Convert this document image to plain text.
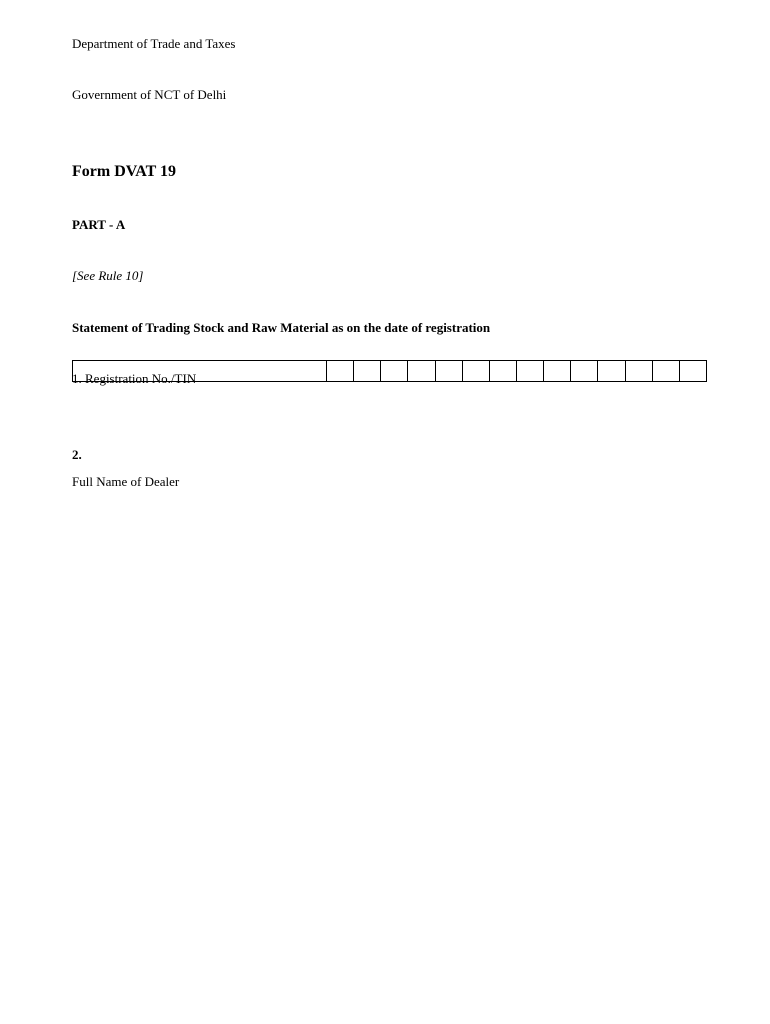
Department of Trade and Taxes

Government of NCT of Delhi

Form DVAT 19

PART - A

[See Rule 10]

Statement of Trading Stock and Raw Material as on the date of registration

1. Registration No./TIN

2.

Full Name of Dealer
